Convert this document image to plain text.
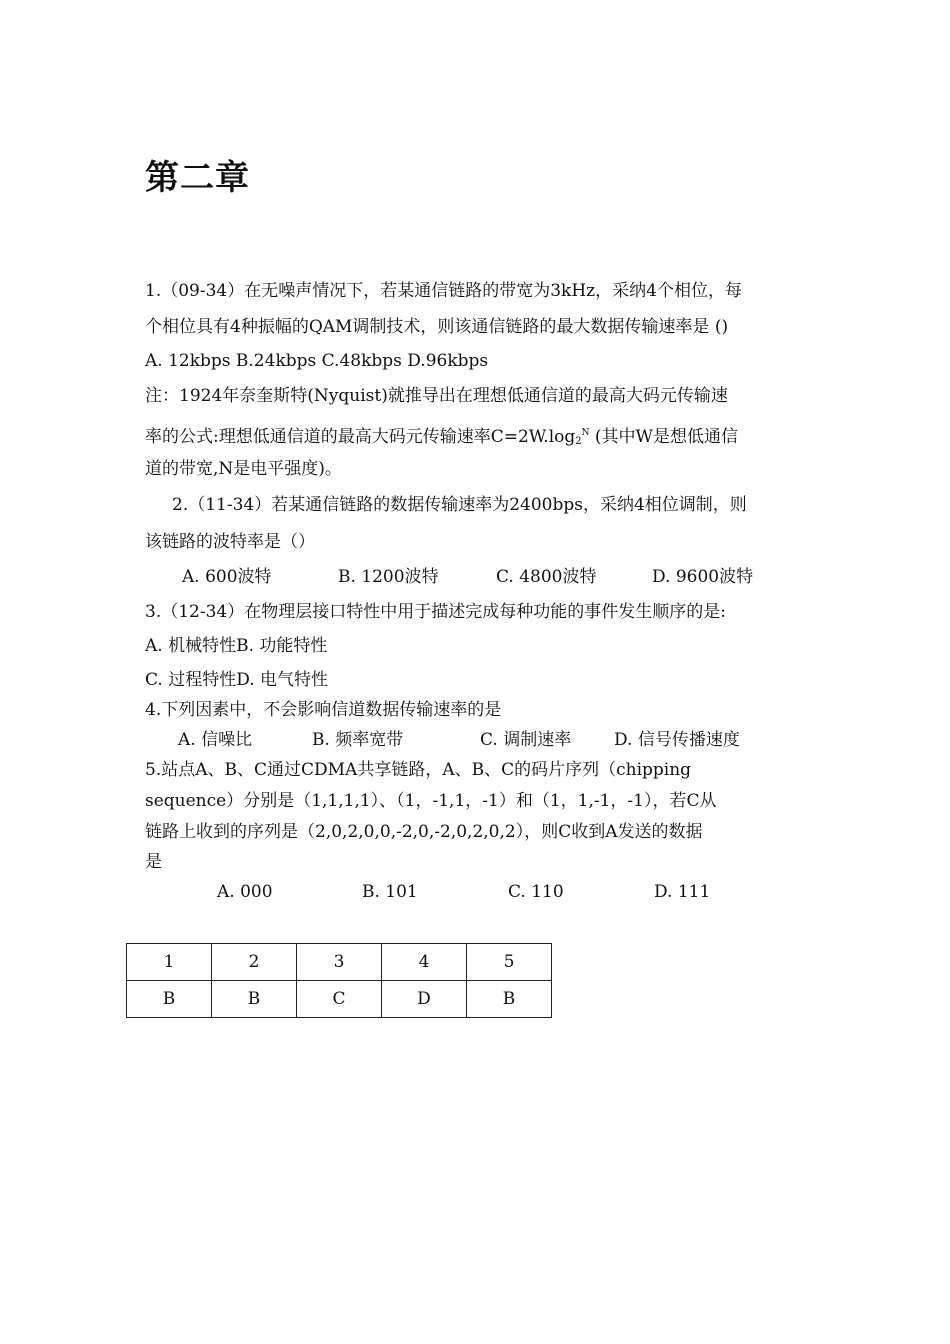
第二章
1.（09-34）在无噪声情况下，若某通信链路的带宽为3kHz，采纳4个相位，每
个相位具有4种振幅的QAM调制技术，则该通信链路的最大数据传输速率是 ()
A. 12kbps B.24kbps C.48kbps D.96kbps
注：1924年奈奎斯特(Nyquist)就推导出在理想低通信道的最高大码元传输速
率的公式:理想低通信道的最高大码元传输速率$C=2W.\log_2^N$ (其中W是想低通信
道的带宽,N是电平强度)。
2.（11-34）若某通信链路的数据传输速率为2400bps，采纳4相位调制，则
该链路的波特率是（）
A. 600波特	B. 1200波特	C. 4800波特	D. 9600波特
3.（12-34）在物理层接口特性中用于描述完成每种功能的事件发生顺序的是:
A. 机械特性B. 功能特性
C. 过程特性D. 电气特性
4.下列因素中，不会影响信道数据传输速率的是
A. 信噪比	B. 频率宽带	C. 调制速率	D. 信号传播速度
5.站点A、B、C通过CDMA共享链路，A、B、C的码片序列（chipping
sequence）分别是（1,1,1,1）、（1，-1,1，-1）和（1，1,-1，-1），若C从
链路上收到的序列是（2,0,2,0,0,-2,0,-2,0,2,0,2），则C收到A发送的数据
是
A. 000	B. 101	C. 110	D. 111
1	2	3	4	5
B	B	C	D	B
